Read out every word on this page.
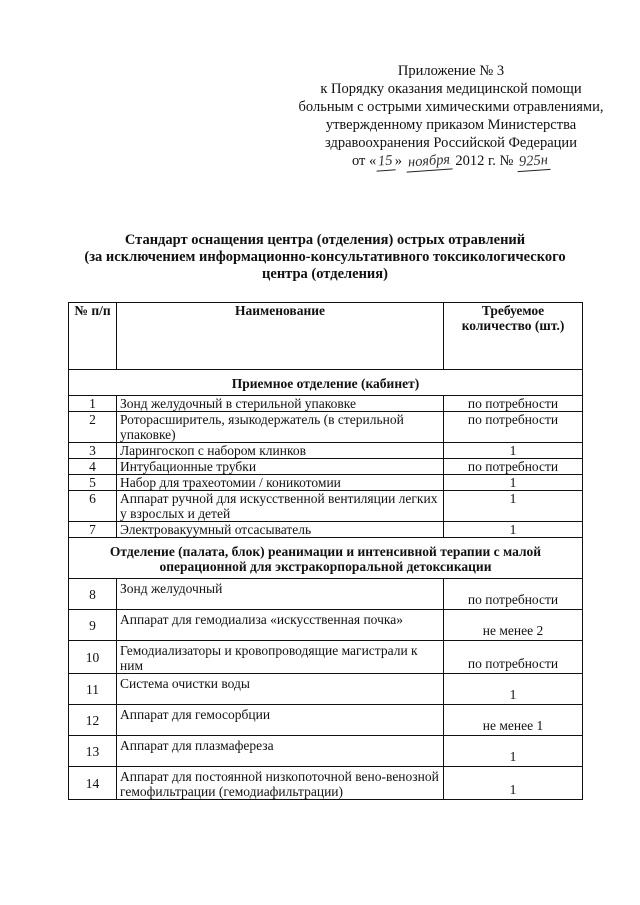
Приложение № 3
к Порядку оказания медицинской помощи
больным с острыми химическими отравлениями,
утвержденному приказом Министерства
здравоохранения Российской Федерации
от «15» ноября 2012 г. № 925н
Стандарт оснащения центра (отделения) острых отравлений
(за исключением информационно-консультативного токсикологического
центра (отделения)
№ п/п	Наименование	Требуемое количество (шт.)
Приемное отделение (кабинет)		
1	Зонд желудочный в стерильной упаковке	по потребности
2	Роторасширитель, языкодержатель (в стерильной упаковке)	по потребности
3	Ларингоскоп с набором клинков	1
4	Интубационные трубки	по потребности
5	Набор для трахеотомии / коникотомии	1
6	Аппарат ручной для искусственной вентиляции легких у взрослых и детей	1
7	Электровакуумный отсасыватель	1
Отделение (палата, блок) реанимации и интенсивной терапии с малой операционной для экстракорпоральной детоксикации		
8	Зонд желудочный	по потребности
9	Аппарат для гемодиализа «искусственная почка»	не менее 2
10	Гемодиализаторы и кровопроводящие магистрали к ним	по потребности
11	Система очистки воды	1
12	Аппарат для гемосорбции	не менее 1
13	Аппарат для плазмафереза	1
14	Аппарат для постоянной низкопоточной вено-венозной гемофильтрации (гемодиафильтрации)	1
